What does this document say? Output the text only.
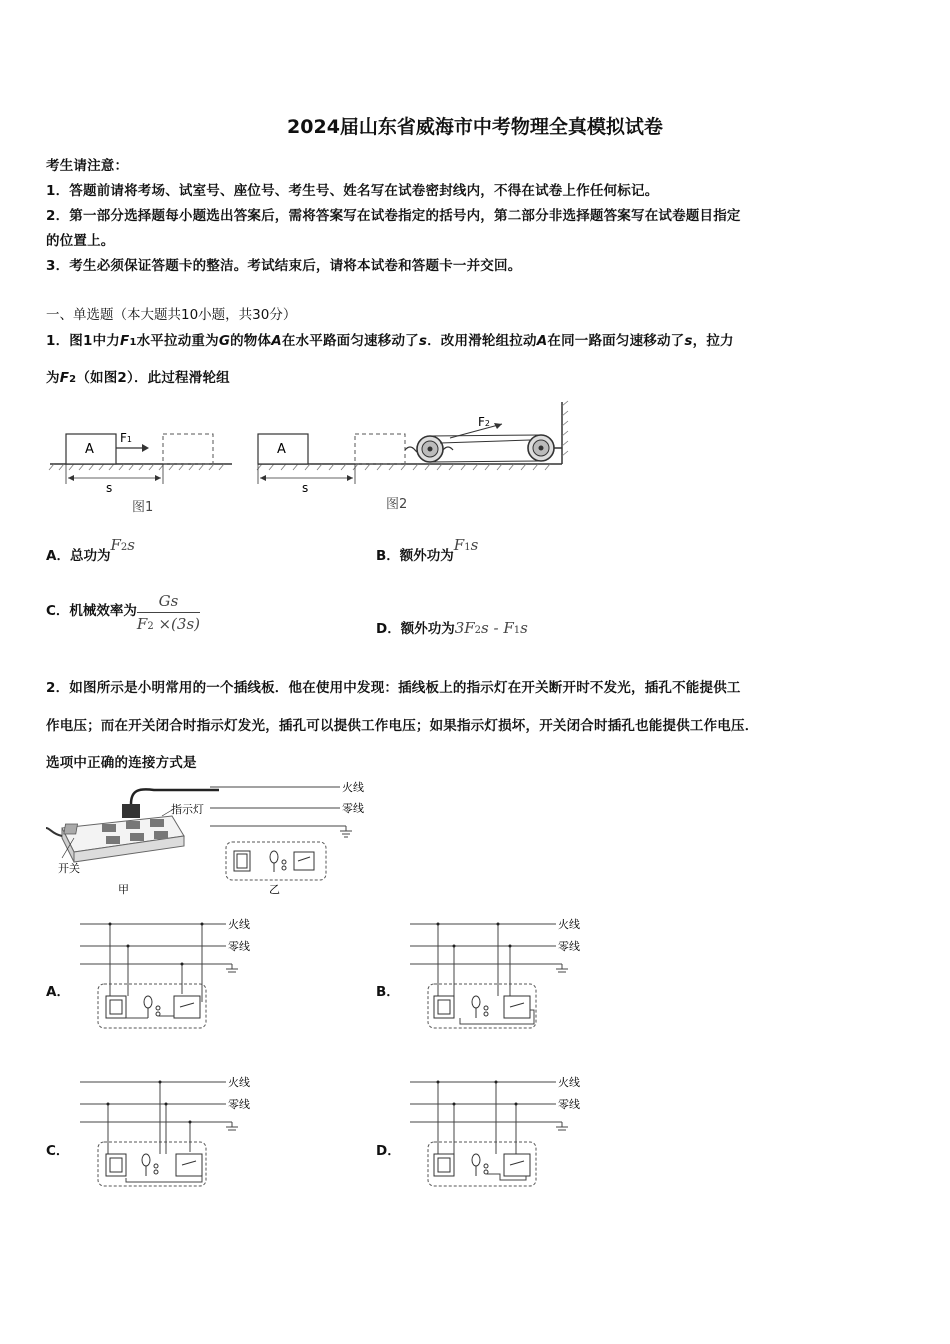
2024届山东省威海市中考物理全真模拟试卷
考生请注意：
1．答题前请将考场、试室号、座位号、考生号、姓名写在试卷密封线内，不得在试卷上作任何标记。
2．第一部分选择题每小题选出答案后，需将答案写在试卷指定的括号内，第二部分非选择题答案写在试卷题目指定
的位置上。
3．考生必须保证答题卡的整洁。考试结束后，请将本试卷和答题卡一并交回。
一、单选题（本大题共10小题，共30分）
1．图1中力F1水平拉动重为G的物体A在水平路面匀速移动了s．改用滑轮组拉动A在同一路面匀速移动了s，拉力
为F2（如图2）．此过程滑轮组
A
F1
s
图1
A
s
F2
图2
A．总功为F2s
B．额外功为F1s
C．机械效率为 $\frac{Gs}{F2 \times(3s)}$	D．额外功为3F2s - F1s
2．如图所示是小明常用的一个插线板．他在使用中发现：插线板上的指示灯在开关断开时不发光，插孔不能提供工
作电压；而在开关闭合时指示灯发光，插孔可以提供工作电压；如果指示灯损坏，开关闭合时插孔也能提供工作电压．
选项中正确的连接方式是
指示灯
开关
甲
火线
零线
乙
A．	B．
C．	D．
火线
零线
火线
零线
火线
零线
火线
零线
